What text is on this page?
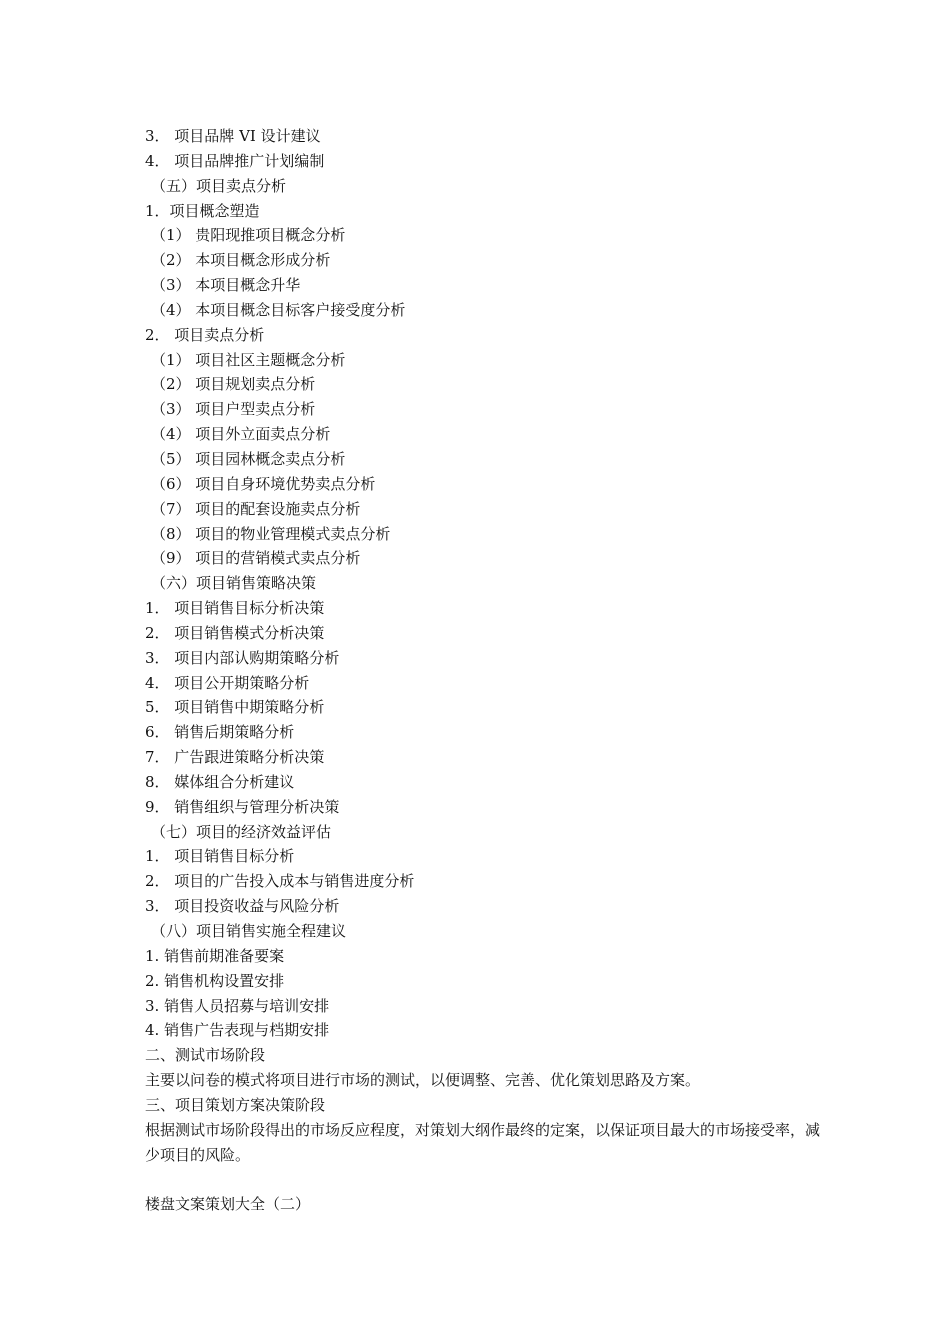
3． 项目品牌 VI 设计建议
4． 项目品牌推广计划编制
（五）项目卖点分析
1．项目概念塑造
（1） 贵阳现推项目概念分析
（2） 本项目概念形成分析
（3） 本项目概念升华
（4） 本项目概念目标客户接受度分析
2． 项目卖点分析
（1） 项目社区主题概念分析
（2） 项目规划卖点分析
（3） 项目户型卖点分析
（4） 项目外立面卖点分析
（5） 项目园林概念卖点分析
（6） 项目自身环境优势卖点分析
（7） 项目的配套设施卖点分析
（8） 项目的物业管理模式卖点分析
（9） 项目的营销模式卖点分析
（六）项目销售策略决策
1． 项目销售目标分析决策
2． 项目销售模式分析决策
3． 项目内部认购期策略分析
4． 项目公开期策略分析
5． 项目销售中期策略分析
6． 销售后期策略分析
7． 广告跟进策略分析决策
8． 媒体组合分析建议
9． 销售组织与管理分析决策
（七）项目的经济效益评估
1． 项目销售目标分析
2． 项目的广告投入成本与销售进度分析
3． 项目投资收益与风险分析
（八）项目销售实施全程建议
1. 销售前期准备要案
2. 销售机构设置安排
3. 销售人员招募与培训安排
4. 销售广告表现与档期安排
二、测试市场阶段
主要以问卷的模式将项目进行市场的测试，以便调整、完善、优化策划思路及方案。
三、项目策划方案决策阶段
根据测试市场阶段得出的市场反应程度，对策划大纲作最终的定案，以保证项目最大的市场接受率，减少项目的风险。
楼盘文案策划大全（二）
